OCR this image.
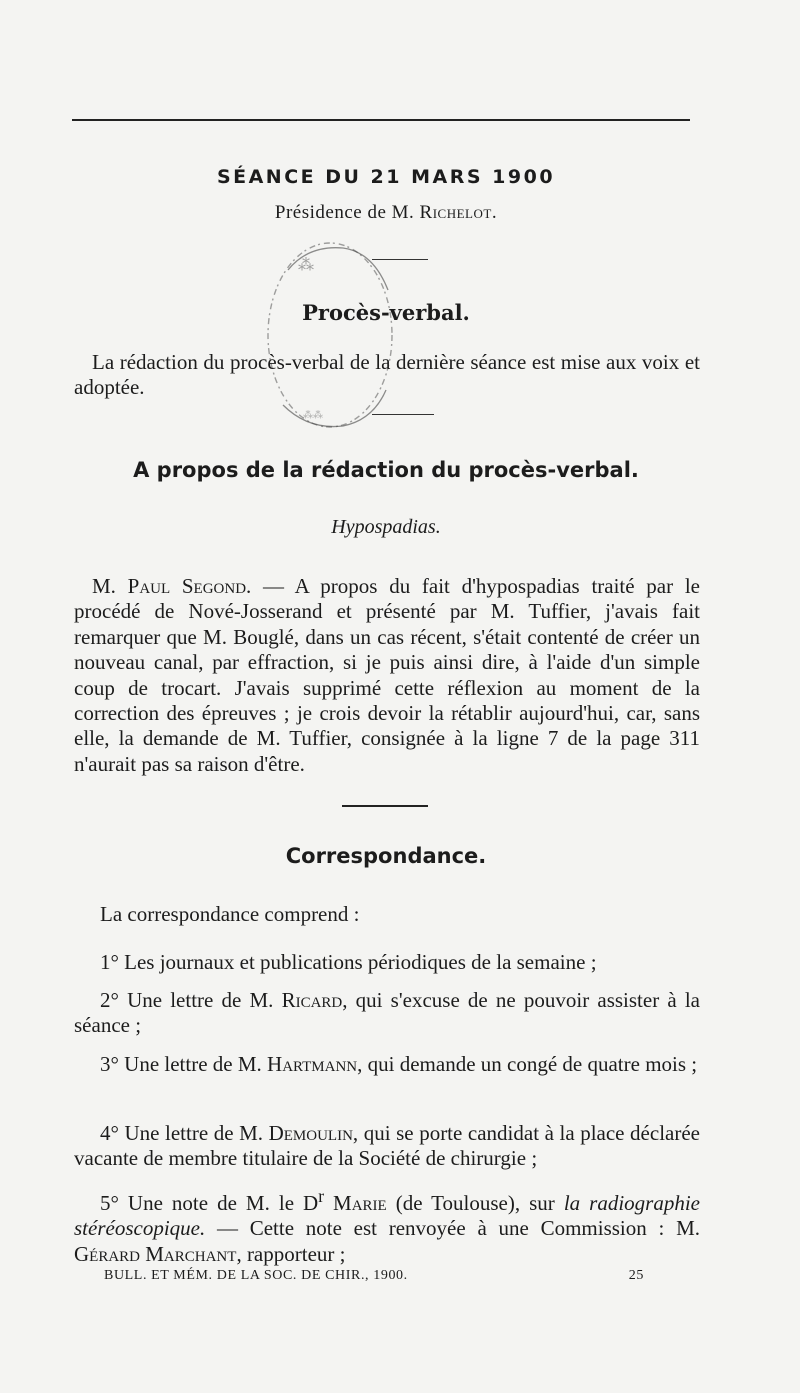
SÉANCE DU 21 MARS 1900
Présidence de M. Richelot.
⁂
⁂⁂
Procès-verbal.

La rédaction du procès-verbal de la dernière séance est mise aux voix et adoptée.

A propos de la rédaction du procès-verbal.
Hypospadias.

M. Paul Segond. — A propos du fait d'hypospadias traité par le procédé de Nové-Josserand et présenté par M. Tuffier, j'avais fait remarquer que M. Bouglé, dans un cas récent, s'était contenté de créer un nouveau canal, par effraction, si je puis ainsi dire, à l'aide d'un simple coup de trocart. J'avais supprimé cette réflexion au moment de la correction des épreuves ; je crois devoir la rétablir aujourd'hui, car, sans elle, la demande de M. Tuffier, consignée à la ligne 7 de la page 311 n'aurait pas sa raison d'être.

Correspondance.

La correspondance comprend :

1° Les journaux et publications périodiques de la semaine ;

2° Une lettre de M. Ricard, qui s'excuse de ne pouvoir assister à la séance ;

3° Une lettre de M. Hartmann, qui demande un congé de quatre mois ;

4° Une lettre de M. Demoulin, qui se porte candidat à la place déclarée vacante de membre titulaire de la Société de chirurgie ;

5° Une note de M. le $D^r$ Marie (de Toulouse), sur la radiographie stéréoscopique. — Cette note est renvoyée à une Commission : M. Gérard Marchant, rapporteur ;

BULL. ET MÉM. DE LA SOC. DE CHIR., 1900.	25
